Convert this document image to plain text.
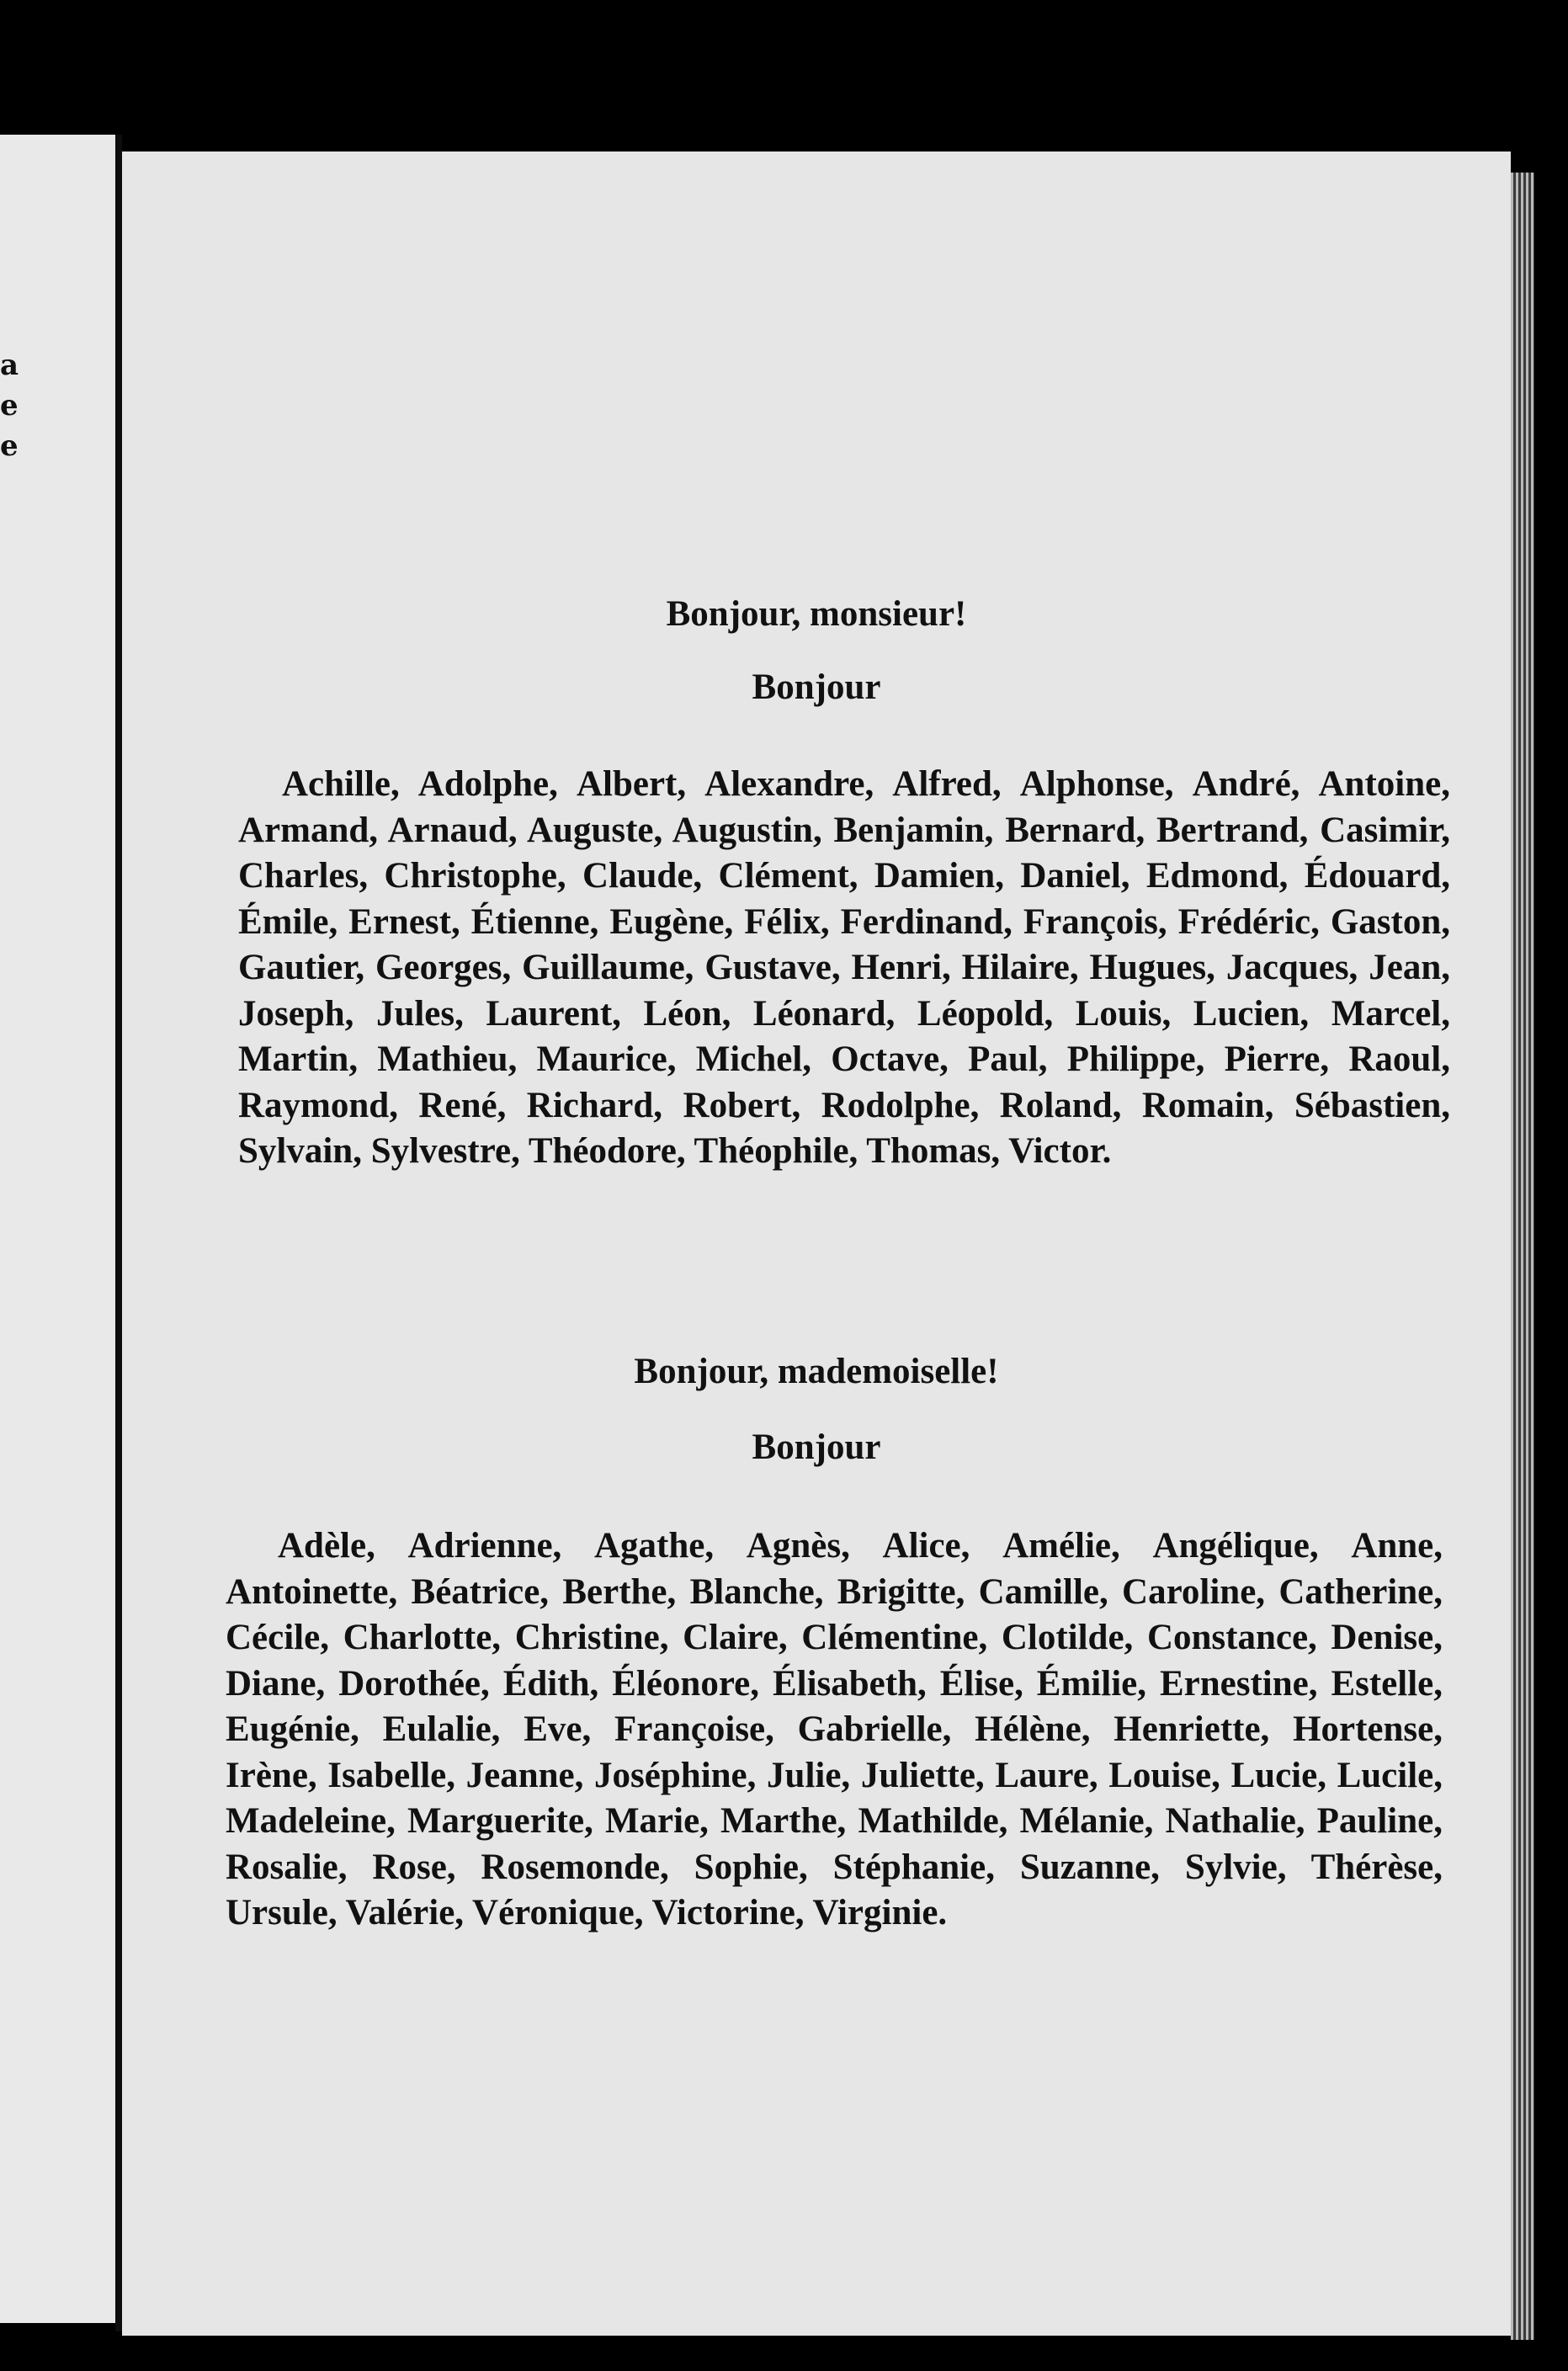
a
e
e
Bonjour, monsieur!
Bonjour
Achille, Adolphe, Albert, Alexandre, Alfred, Alphonse, André, Antoine, Armand, Arnaud, Auguste, Augustin, Benjamin, Bernard, Bertrand, Casimir, Charles, Christophe, Claude, Clément, Damien, Daniel, Edmond, Édouard, Émile, Ernest, Étienne, Eugène, Félix, Ferdinand, François, Frédéric, Gaston, Gautier, Georges, Guillaume, Gustave, Henri, Hilaire, Hugues, Jacques, Jean, Joseph, Jules, Laurent, Léon, Léonard, Léopold, Louis, Lucien, Marcel, Martin, Mathieu, Maurice, Michel, Octave, Paul, Philippe, Pierre, Raoul, Raymond, René, Richard, Robert, Rodolphe, Roland, Romain, Sébastien, Sylvain, Sylvestre, Théodore, Théophile, Thomas, Victor.
Bonjour, mademoiselle!
Bonjour
Adèle, Adrienne, Agathe, Agnès, Alice, Amélie, Angélique, Anne, Antoinette, Béatrice, Berthe, Blanche, Brigitte, Camille, Caroline, Catherine, Cécile, Charlotte, Christine, Claire, Clémentine, Clotilde, Constance, Denise, Diane, Dorothée, Édith, Éléonore, Élisabeth, Élise, Émilie, Ernestine, Estelle, Eugénie, Eulalie, Eve, Françoise, Gabrielle, Hélène, Henriette, Hortense, Irène, Isabelle, Jeanne, Joséphine, Julie, Juliette, Laure, Louise, Lucie, Lucile, Madeleine, Marguerite, Marie, Marthe, Mathilde, Mélanie, Nathalie, Pauline, Rosalie, Rose, Rosemonde, Sophie, Stéphanie, Suzanne, Sylvie, Thérèse, Ursule, Valérie, Véronique, Victorine, Virginie.
